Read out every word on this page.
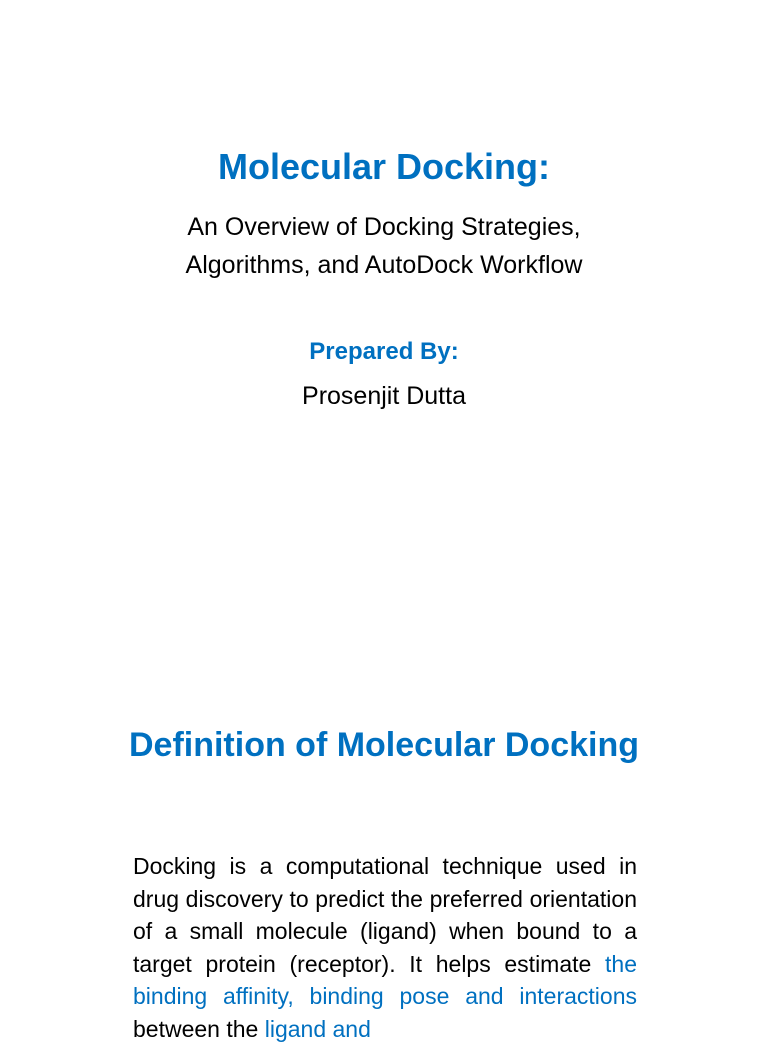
Molecular Docking:
An Overview of Docking Strategies,
Algorithms, and AutoDock Workflow
Prepared By:
Prosenjit Dutta
Definition of Molecular Docking

Docking is a computational technique used in drug discovery to predict the preferred orientation of a small molecule (ligand) when bound to a target protein (receptor). It helps estimate the binding affinity, binding pose and interactions between the ligand and
